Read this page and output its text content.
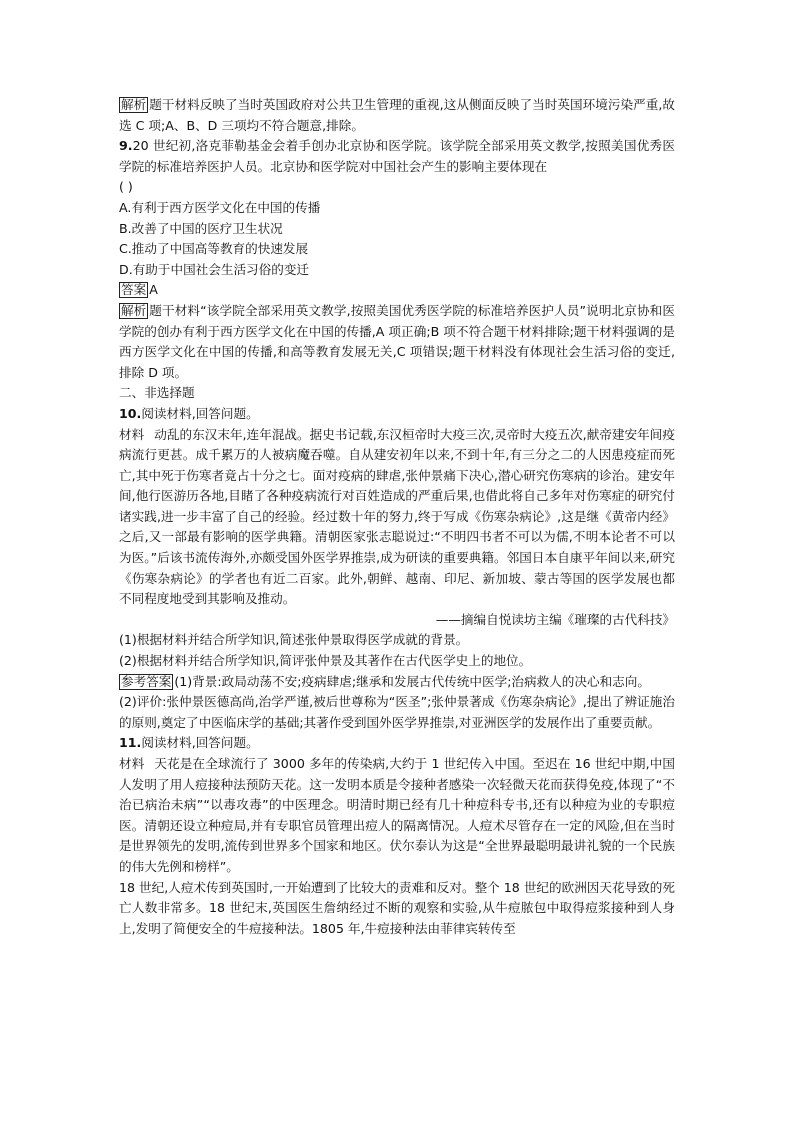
解析 题干材料反映了当时英国政府对公共卫生管理的重视,这从侧面反映了当时英国环境污染严重,故选 C 项;A、B、D 三项均不符合题意,排除。

9.20 世纪初,洛克菲勒基金会着手创办北京协和医学院。该学院全部采用英文教学,按照美国优秀医学院的标准培养医护人员。北京协和医学院对中国社会产生的影响主要体现在

( )

A.有利于西方医学文化在中国的传播

B.改善了中国的医疗卫生状况

C.推动了中国高等教育的快速发展

D.有助于中国社会生活习俗的变迁

答案 A

解析 题干材料“该学院全部采用英文教学,按照美国优秀医学院的标准培养医护人员”说明北京协和医学院的创办有利于西方医学文化在中国的传播,A 项正确;B 项不符合题干材料排除;题干材料强调的是西方医学文化在中国的传播,和高等教育发展无关,C 项错误;题干材料没有体现社会生活习俗的变迁,排除 D 项。

二、非选择题

10.阅读材料,回答问题。

材料 动乱的东汉末年,连年混战。据史书记载,东汉桓帝时大疫三次,灵帝时大疫五次,献帝建安年间疫病流行更甚。成千累万的人被病魔吞噬。自从建安初年以来,不到十年,有三分之二的人因患疫症而死亡,其中死于伤寒者竟占十分之七。面对疫病的肆虐,张仲景痛下决心,潜心研究伤寒病的诊治。建安年间,他行医游历各地,目睹了各种疫病流行对百姓造成的严重后果,也借此将自己多年对伤寒症的研究付诸实践,进一步丰富了自己的经验。经过数十年的努力,终于写成《伤寒杂病论》,这是继《黄帝内经》之后,又一部最有影响的医学典籍。清朝医家张志聪说过:“不明四书者不可以为儒,不明本论者不可以为医。”后该书流传海外,亦颇受国外医学界推崇,成为研读的重要典籍。邻国日本自康平年间以来,研究《伤寒杂病论》的学者也有近二百家。此外,朝鲜、越南、印尼、新加坡、蒙古等国的医学发展也都不同程度地受到其影响及推动。

——摘编自悦读坊主编《璀璨的古代科技》

(1)根据材料并结合所学知识,简述张仲景取得医学成就的背景。

(2)根据材料并结合所学知识,简评张仲景及其著作在古代医学史上的地位。

参考答案 (1)背景:政局动荡不安;疫病肆虐;继承和发展古代传统中医学;治病救人的决心和志向。

(2)评价:张仲景医德高尚,治学严谨,被后世尊称为“医圣”;张仲景著成《伤寒杂病论》,提出了辨证施治的原则,奠定了中医临床学的基础;其著作受到国外医学界推崇,对亚洲医学的发展作出了重要贡献。

11.阅读材料,回答问题。

材料 天花是在全球流行了 3000 多年的传染病,大约于 1 世纪传入中国。至迟在 16 世纪中期,中国人发明了用人痘接种法预防天花。这一发明本质是令接种者感染一次轻微天花而获得免疫,体现了“不治已病治未病”“以毒攻毒”的中医理念。明清时期已经有几十种痘科专书,还有以种痘为业的专职痘医。清朝还设立种痘局,并有专职官员管理出痘人的隔离情况。人痘术尽管存在一定的风险,但在当时是世界领先的发明,流传到世界多个国家和地区。伏尔泰认为这是“全世界最聪明最讲礼貌的一个民族的伟大先例和榜样”。

18 世纪,人痘术传到英国时,一开始遭到了比较大的责难和反对。整个 18 世纪的欧洲因天花导致的死亡人数非常多。18 世纪末,英国医生詹纳经过不断的观察和实验,从牛痘脓包中取得痘浆接种到人身上,发明了简便安全的牛痘接种法。1805 年,牛痘接种法由菲律宾转传至
